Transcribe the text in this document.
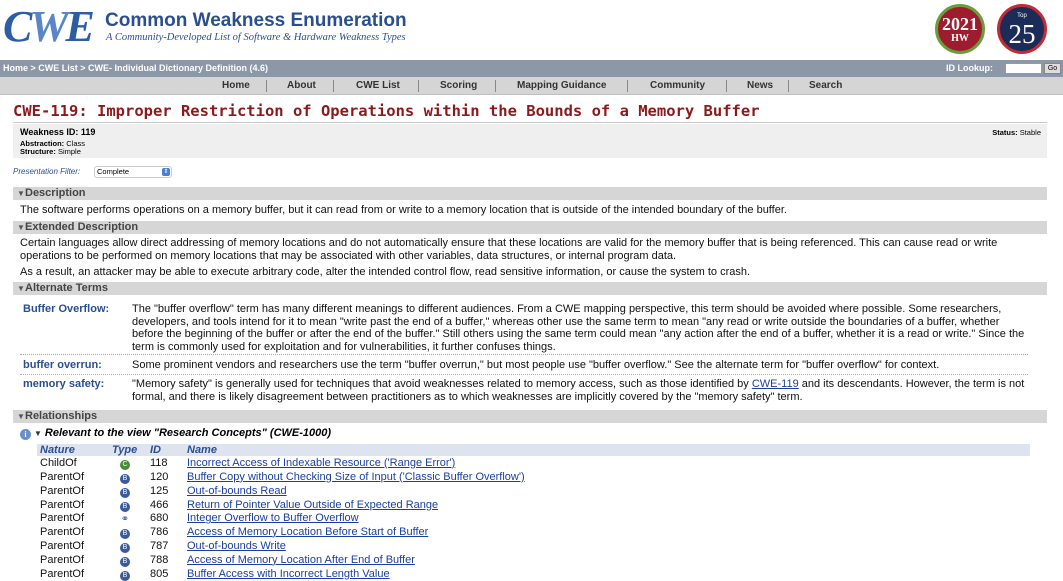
CWE Common Weakness Enumeration
A Community-Developed List of Software & Hardware Weakness Types
2021
HW
Top
25
Home > CWE List > CWE- Individual Dictionary Definition (4.6)	ID Lookup:	Go
Home	About	CWE List	Scoring	Mapping Guidance	Community	News	Search
CWE-119: Improper Restriction of Operations within the Bounds of a Memory Buffer
Weakness ID: 119
Abstraction: Class
Structure: Simple
Status: Stable
Presentation Filter:	Complete	⇕
▼Description
The software performs operations on a memory buffer, but it can read from or write to a memory location that is outside of the intended boundary of the buffer.
▼Extended Description
Certain languages allow direct addressing of memory locations and do not automatically ensure that these locations are valid for the memory buffer that is being referenced. This can cause read or write operations to be performed on memory locations that may be associated with other variables, data structures, or internal program data.
As a result, an attacker may be able to execute arbitrary code, alter the intended control flow, read sensitive information, or cause the system to crash.
▼Alternate Terms
Buffer Overflow: The "buffer overflow" term has many different meanings to different audiences. From a CWE mapping perspective, this term should be avoided where possible. Some researchers, developers, and tools intend for it to mean "write past the end of a buffer," whereas other use the same term to mean "any read or write outside the boundaries of a buffer, whether before the beginning of the buffer or after the end of the buffer." Still others using the same term could mean "any action after the end of a buffer, whether it is a read or write." Since the term is commonly used for exploitation and for vulnerabilities, it further confuses things.
buffer overrun:	Some prominent vendors and researchers use the term "buffer overrun," but most people use "buffer overflow." See the alternate term for "buffer overflow" for context.
memory safety:	"Memory safety" is generally used for techniques that avoid weaknesses related to memory access, such as those identified by CWE-119 and its descendants. However, the term is not formal, and there is likely disagreement between practitioners as to which weaknesses are implicitly covered by the "memory safety" term.
▼Relationships
i ▼ Relevant to the view "Research Concepts" (CWE-1000)
Nature	Type	ID	Name
ChildOf	C	118	Incorrect Access of Indexable Resource ('Range Error')
ParentOf	B	120	Buffer Copy without Checking Size of Input ('Classic Buffer Overflow')
ParentOf	B	125	Out-of-bounds Read
ParentOf	B	466	Return of Pointer Value Outside of Expected Range
ParentOf	⚭	680	Integer Overflow to Buffer Overflow
ParentOf	B	786	Access of Memory Location Before Start of Buffer
ParentOf	B	787	Out-of-bounds Write
ParentOf	B	788	Access of Memory Location After End of Buffer
ParentOf	B	805	Buffer Access with Incorrect Length Value
